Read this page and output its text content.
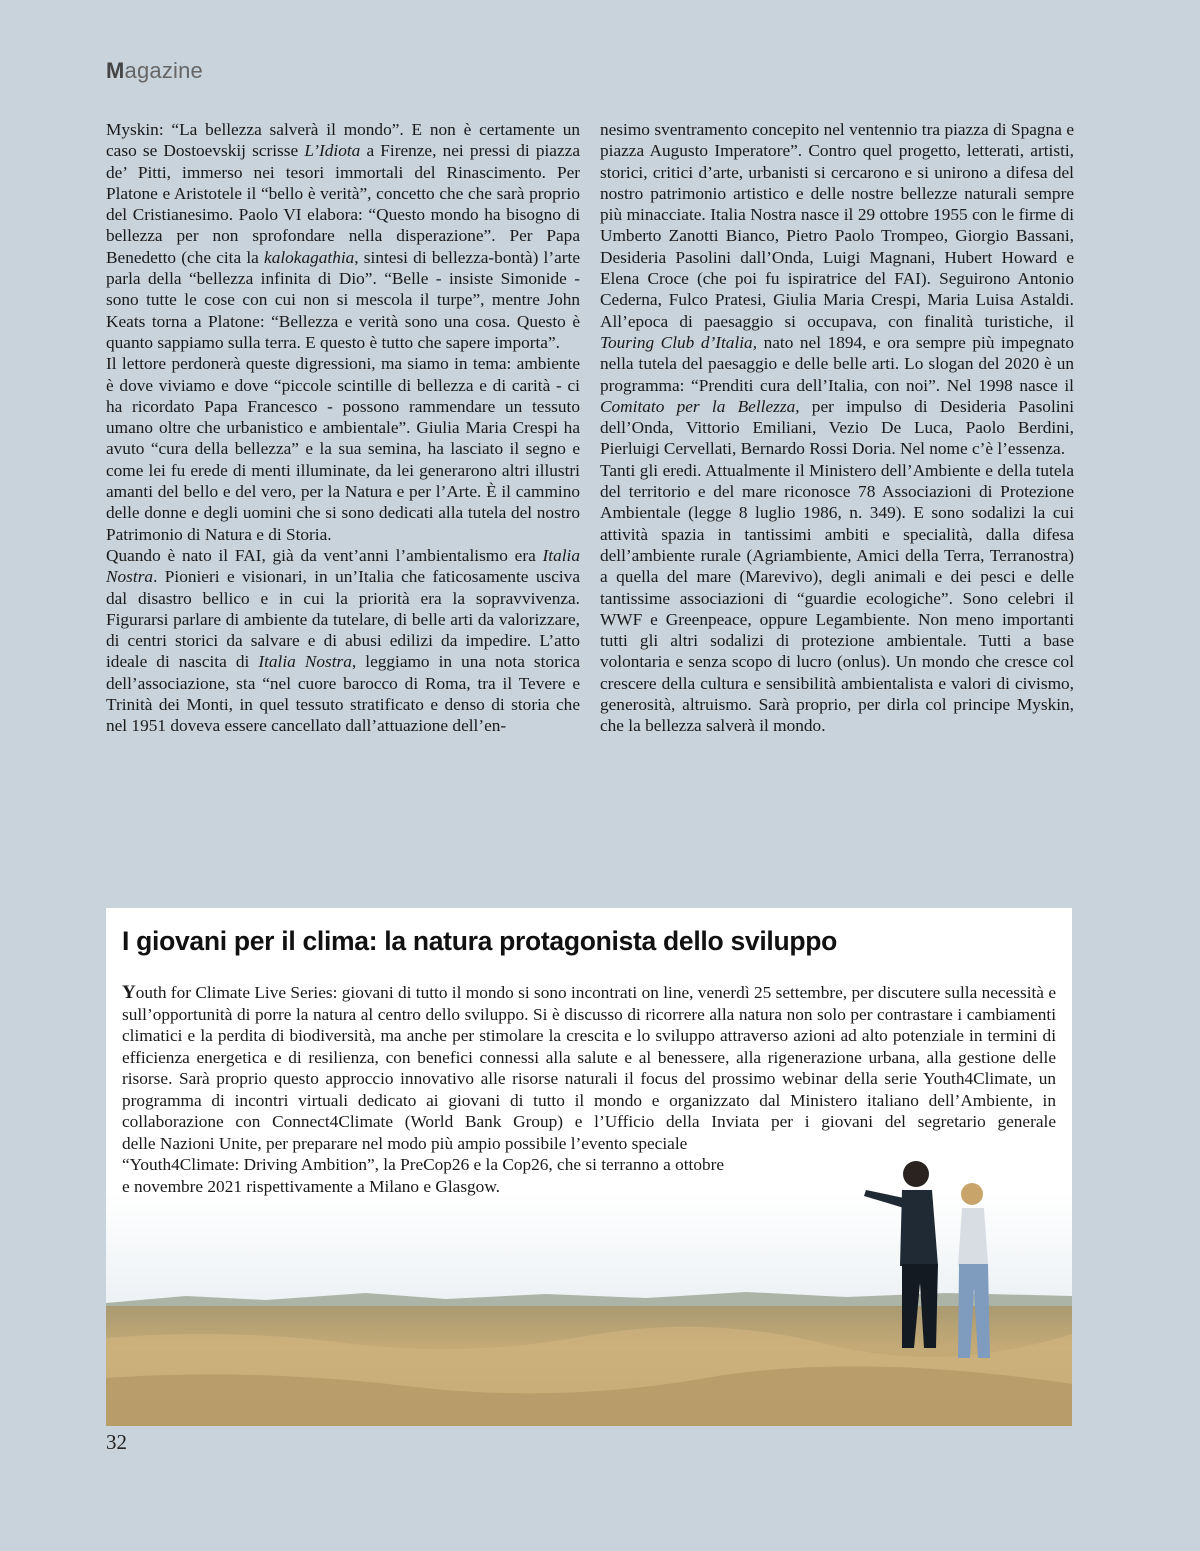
Magazine

Myskin: “La bellezza salverà il mondo”. E non è certamente un caso se Dostoevskij scrisse L’Idiota a Firenze, nei pressi di piazza de’ Pitti, immerso nei tesori immortali del Rinascimento. Per Platone e Aristotele il “bello è verità”, concetto che che sarà proprio del Cristianesimo. Paolo VI elabora: “Questo mondo ha bisogno di bellezza per non sprofondare nella disperazione”. Per Papa Benedetto (che cita la kalokagathia, sintesi di bellezza-bontà) l’arte parla della “bellezza infinita di Dio”. “Belle - insiste Simonide - sono tutte le cose con cui non si mescola il turpe”, mentre John Keats torna a Platone: “Bellezza e verità sono una cosa. Questo è quanto sappiamo sulla terra. E questo è tutto che sapere importa”.

Il lettore perdonerà queste digressioni, ma siamo in tema: ambiente è dove viviamo e dove “piccole scintille di bellezza e di carità - ci ha ricordato Papa Francesco - possono rammendare un tessuto umano oltre che urbanistico e ambientale”. Giulia Maria Crespi ha avuto “cura della bellezza” e la sua semina, ha lasciato il segno e come lei fu erede di menti illuminate, da lei generarono altri illustri amanti del bello e del vero, per la Natura e per l’Arte. È il cammino delle donne e degli uomini che si sono dedicati alla tutela del nostro Patrimonio di Natura e di Storia.

Quando è nato il FAI, già da vent’anni l’ambientalismo era Italia Nostra. Pionieri e visionari, in un’Italia che faticosamente usciva dal disastro bellico e in cui la priorità era la sopravvivenza. Figurarsi parlare di ambiente da tutelare, di belle arti da valorizzare, di centri storici da salvare e di abusi edilizi da impedire. L’atto ideale di nascita di Italia Nostra, leggiamo in una nota storica dell’associazione, sta “nel cuore barocco di Roma, tra il Tevere e Trinità dei Monti, in quel tessuto stratificato e denso di storia che nel 1951 doveva essere cancellato dall’attuazione dell’en-

nesimo sventramento concepito nel ventennio tra piazza di Spagna e piazza Augusto Imperatore”. Contro quel progetto, letterati, artisti, storici, critici d’arte, urbanisti si cercarono e si unirono a difesa del nostro patrimonio artistico e delle nostre bellezze naturali sempre più minacciate. Italia Nostra nasce il 29 ottobre 1955 con le firme di Umberto Zanotti Bianco, Pietro Paolo Trompeo, Giorgio Bassani, Desideria Pasolini dall’Onda, Luigi Magnani, Hubert Howard e Elena Croce (che poi fu ispiratrice del FAI). Seguirono Antonio Cederna, Fulco Pratesi, Giulia Maria Crespi, Maria Luisa Astaldi. All’epoca di paesaggio si occupava, con finalità turistiche, il Touring Club d’Italia, nato nel 1894, e ora sempre più impegnato nella tutela del paesaggio e delle belle arti. Lo slogan del 2020 è un programma: “Prenditi cura dell’Italia, con noi”. Nel 1998 nasce il Comitato per la Bellezza, per impulso di Desideria Pasolini dell’Onda, Vittorio Emiliani, Vezio De Luca, Paolo Berdini, Pierluigi Cervellati, Bernardo Rossi Doria. Nel nome c’è l’essenza.

Tanti gli eredi. Attualmente il Ministero dell’Ambiente e della tutela del territorio e del mare riconosce 78 Associazioni di Protezione Ambientale (legge 8 luglio 1986, n. 349). E sono sodalizi la cui attività spazia in tantissimi ambiti e specialità, dalla difesa dell’ambiente rurale (Agriambiente, Amici della Terra, Terranostra) a quella del mare (Marevivo), degli animali e dei pesci e delle tantissime associazioni di “guardie ecologiche”. Sono celebri il WWF e Greenpeace, oppure Legambiente. Non meno importanti tutti gli altri sodalizi di protezione ambientale. Tutti a base volontaria e senza scopo di lucro (onlus). Un mondo che cresce col crescere della cultura e sensibilità ambientalista e valori di civismo, generosità, altruismo. Sarà proprio, per dirla col principe Myskin, che la bellezza salverà il mondo.

I giovani per il clima: la natura protagonista dello sviluppo
Youth for Climate Live Series: giovani di tutto il mondo si sono incontrati on line, venerdì 25 settembre, per discutere sulla necessità e sull’opportunità di porre la natura al centro dello sviluppo. Si è discusso di ricorrere alla natura non solo per contrastare i cambiamenti climatici e la perdita di biodiversità, ma anche per stimolare la crescita e lo sviluppo attraverso azioni ad alto potenziale in termini di efficienza energetica e di resilienza, con benefici connessi alla salute e al benessere, alla rigenerazione urbana, alla gestione delle risorse. Sarà proprio questo approccio innovativo alle risorse naturali il focus del prossimo webinar della serie Youth4Climate, un programma di incontri virtuali dedicato ai giovani di tutto il mondo e organizzato dal Ministero italiano dell’Ambiente, in collaborazione con Connect4Climate (World Bank Group) e l’Ufficio della Inviata per i giovani del segretario generale
delle Nazioni Unite, per preparare nel modo più ampio possibile l’evento speciale
“Youth4Climate: Driving Ambition”, la PreCop26 e la Cop26, che si terranno a ottobre
e novembre 2021 rispettivamente a Milano e Glasgow.
32
